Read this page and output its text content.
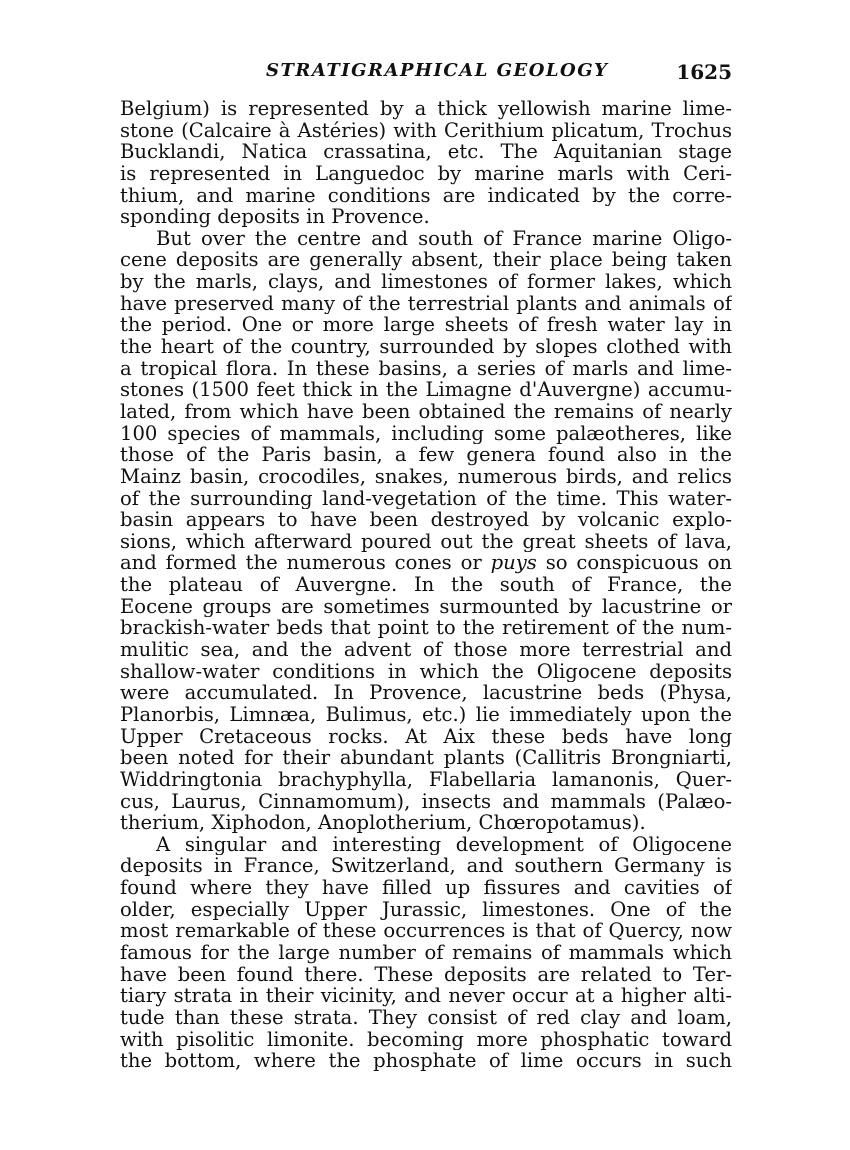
STRATIGRAPHICAL GEOLOGY	1625
Belgium) is represented by a thick yellowish marine lime-
stone (Calcaire à Astéries) with Cerithium plicatum, Trochus
Bucklandi, Natica crassatina, etc. The Aquitanian stage
is represented in Languedoc by marine marls with Ceri-
thium, and marine conditions are indicated by the corre-
sponding deposits in Provence.
But over the centre and south of France marine Oligo-
cene deposits are generally absent, their place being taken
by the marls, clays, and limestones of former lakes, which
have preserved many of the terrestrial plants and animals of
the period. One or more large sheets of fresh water lay in
the heart of the country, surrounded by slopes clothed with
a tropical flora. In these basins, a series of marls and lime-
stones (1500 feet thick in the Limagne d'Auvergne) accumu-
lated, from which have been obtained the remains of nearly
100 species of mammals, including some palæotheres, like
those of the Paris basin, a few genera found also in the
Mainz basin, crocodiles, snakes, numerous birds, and relics
of the surrounding land-vegetation of the time. This water-
basin appears to have been destroyed by volcanic explo-
sions, which afterward poured out the great sheets of lava,
and formed the numerous cones or puys so conspicuous on
the plateau of Auvergne. In the south of France, the
Eocene groups are sometimes surmounted by lacustrine or
brackish-water beds that point to the retirement of the num-
mulitic sea, and the advent of those more terrestrial and
shallow-water conditions in which the Oligocene deposits
were accumulated. In Provence, lacustrine beds (Physa,
Planorbis, Limnæa, Bulimus, etc.) lie immediately upon the
Upper Cretaceous rocks. At Aix these beds have long
been noted for their abundant plants (Callitris Brongniarti,
Widdringtonia brachyphylla, Flabellaria lamanonis, Quer-
cus, Laurus, Cinnamomum), insects and mammals (Palæo-
therium, Xiphodon, Anoplotherium, Chœropotamus).
A singular and interesting development of Oligocene
deposits in France, Switzerland, and southern Germany is
found where they have filled up fissures and cavities of
older, especially Upper Jurassic, limestones. One of the
most remarkable of these occurrences is that of Quercy, now
famous for the large number of remains of mammals which
have been found there. These deposits are related to Ter-
tiary strata in their vicinity, and never occur at a higher alti-
tude than these strata. They consist of red clay and loam,
with pisolitic limonite. becoming more phosphatic toward
the bottom, where the phosphate of lime occurs in such
